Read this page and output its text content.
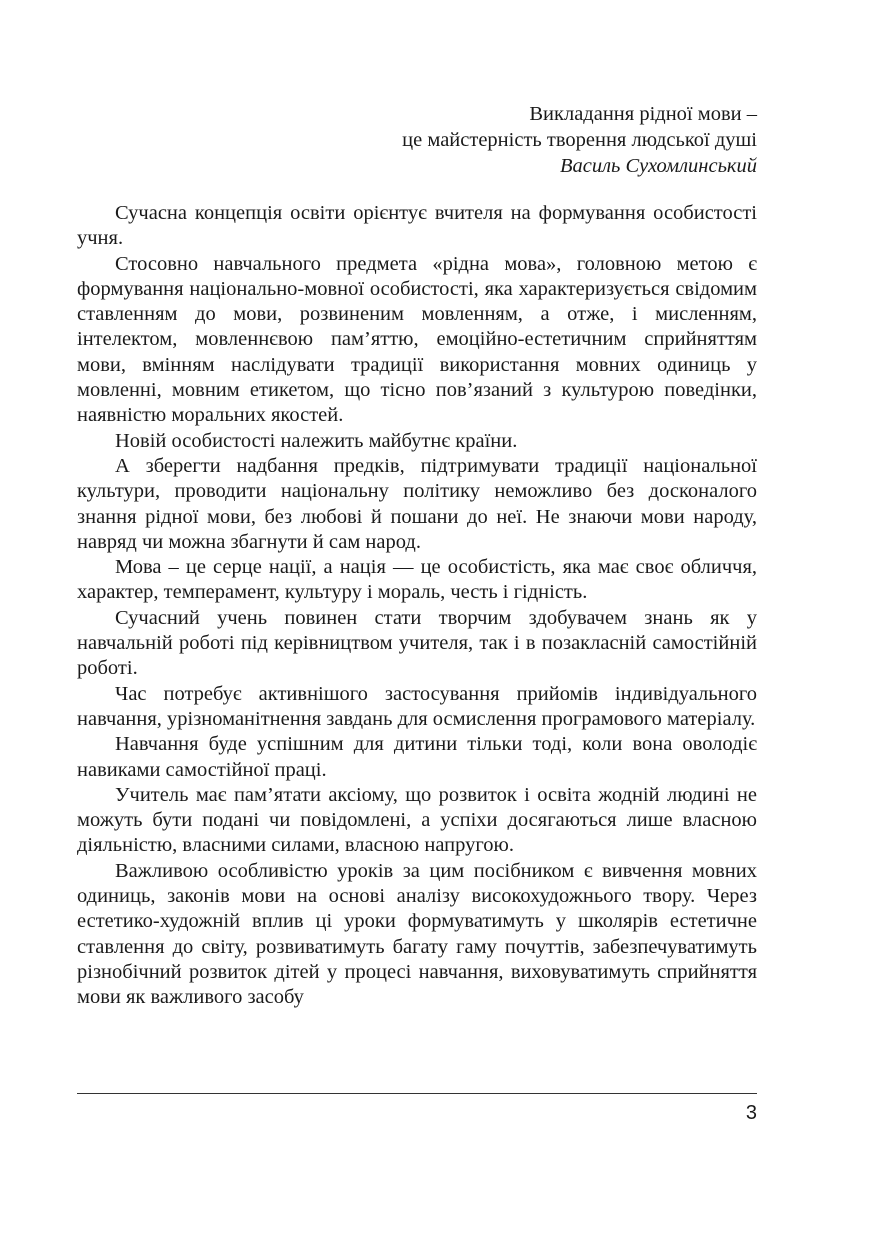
Викладання рідної мови –
це майстерність творення людської душі
Василь Сухомлинський

Сучасна концепція освіти орієнтує вчителя на формування особистості учня.

Стосовно навчального предмета «рідна мова», головною метою є формування національно-мовної особистості, яка характеризується свідомим ставленням до мови, розвиненим мовленням, а отже, і мисленням, інтелектом, мовленнєвою пам’яттю, емоційно-естетичним сприйняттям мови, вмінням наслідувати традиції використання мовних одиниць у мовленні, мовним етикетом, що тісно пов’язаний з культурою поведінки, наявністю моральних якостей.

Новій особистості належить майбутнє країни.

А зберегти надбання предків, підтримувати традиції національної культури, проводити національну політику неможливо без досконалого знання рідної мови, без любові й пошани до неї. Не знаючи мови народу, навряд чи можна збагнути й сам народ.

Мова – це серце нації, а нація — це особистість, яка має своє обличчя, характер, темперамент, культуру і мораль, честь і гідність.

Сучасний учень повинен стати творчим здобувачем знань як у навчальній роботі під керівництвом учителя, так і в позакласній самостійній роботі.

Час потребує активнішого застосування прийомів індивідуального навчання, урізноманітнення завдань для осмислення програмового матеріалу.

Навчання буде успішним для дитини тільки тоді, коли вона оволодіє навиками самостійної праці.

Учитель має пам’ятати аксіому, що розвиток і освіта жодній людині не можуть бути подані чи повідомлені, а успіхи досягаються лише власною діяльністю, власними силами, власною напругою.

Важливою особливістю уроків за цим посібником є вивчення мовних одиниць, законів мови на основі аналізу високохудожнього твору. Через естетико-художній вплив ці уроки формуватимуть у школярів естетичне ставлення до світу, розвиватимуть багату гаму почуттів, забезпечуватимуть різнобічний розвиток дітей у процесі навчання, виховуватимуть сприйняття мови як важливого засобу

3
